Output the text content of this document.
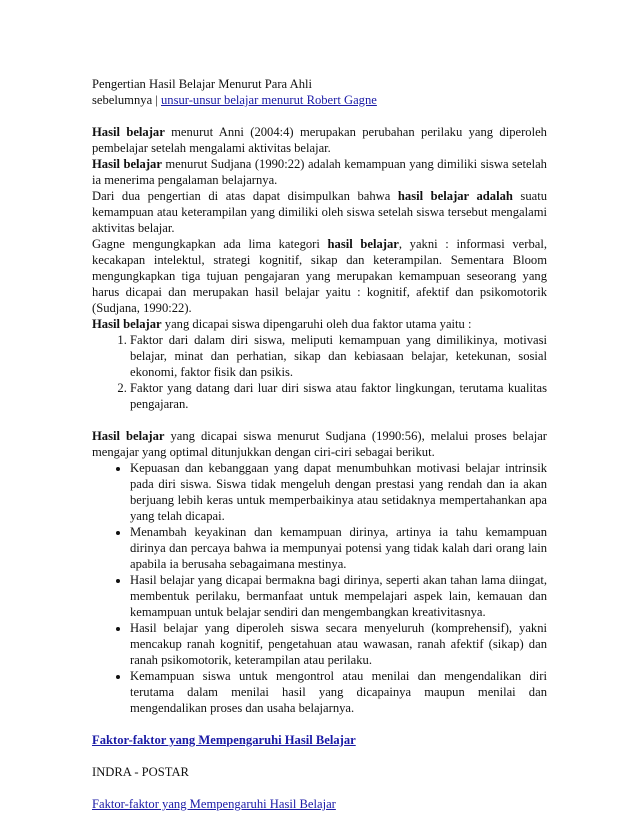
Pengertian Hasil Belajar Menurut Para Ahli

sebelumnya | unsur-unsur belajar menurut Robert Gagne

Hasil belajar menurut Anni (2004:4) merupakan perubahan perilaku yang diperoleh pembelajar setelah mengalami aktivitas belajar.

Hasil belajar menurut Sudjana (1990:22) adalah kemampuan yang dimiliki siswa setelah ia menerima pengalaman belajarnya.

Dari dua pengertian di atas dapat disimpulkan bahwa hasil belajar adalah suatu kemampuan atau keterampilan yang dimiliki oleh siswa setelah siswa tersebut mengalami aktivitas belajar.

Gagne mengungkapkan ada lima kategori hasil belajar, yakni : informasi verbal, kecakapan intelektul, strategi kognitif, sikap dan keterampilan. Sementara Bloom mengungkapkan tiga tujuan pengajaran yang merupakan kemampuan seseorang yang harus dicapai dan merupakan hasil belajar yaitu : kognitif, afektif dan psikomotorik (Sudjana, 1990:22).

Hasil belajar yang dicapai siswa dipengaruhi oleh dua faktor utama yaitu :

1. Faktor dari dalam diri siswa, meliputi kemampuan yang dimilikinya, motivasi belajar, minat dan perhatian, sikap dan kebiasaan belajar, ketekunan, sosial ekonomi, faktor fisik dan psikis.
2. Faktor yang datang dari luar diri siswa atau faktor lingkungan, terutama kualitas pengajaran.

Hasil belajar yang dicapai siswa menurut Sudjana (1990:56), melalui proses belajar mengajar yang optimal ditunjukkan dengan ciri-ciri sebagai berikut.

• Kepuasan dan kebanggaan yang dapat menumbuhkan motivasi belajar intrinsik pada diri siswa. Siswa tidak mengeluh dengan prestasi yang rendah dan ia akan berjuang lebih keras untuk memperbaikinya atau setidaknya mempertahankan apa yang telah dicapai.
• Menambah keyakinan dan kemampuan dirinya, artinya ia tahu kemampuan dirinya dan percaya bahwa ia mempunyai potensi yang tidak kalah dari orang lain apabila ia berusaha sebagaimana mestinya.
• Hasil belajar yang dicapai bermakna bagi dirinya, seperti akan tahan lama diingat, membentuk perilaku, bermanfaat untuk mempelajari aspek lain, kemauan dan kemampuan untuk belajar sendiri dan mengembangkan kreativitasnya.
• Hasil belajar yang diperoleh siswa secara menyeluruh (komprehensif), yakni mencakup ranah kognitif, pengetahuan atau wawasan, ranah afektif (sikap) dan ranah psikomotorik, keterampilan atau perilaku.
• Kemampuan siswa untuk mengontrol atau menilai dan mengendalikan diri terutama dalam menilai hasil yang dicapainya maupun menilai dan mengendalikan proses dan usaha belajarnya.

Faktor-faktor yang Mempengaruhi Hasil Belajar

INDRA - POSTAR

Faktor-faktor yang Mempengaruhi Hasil Belajar
